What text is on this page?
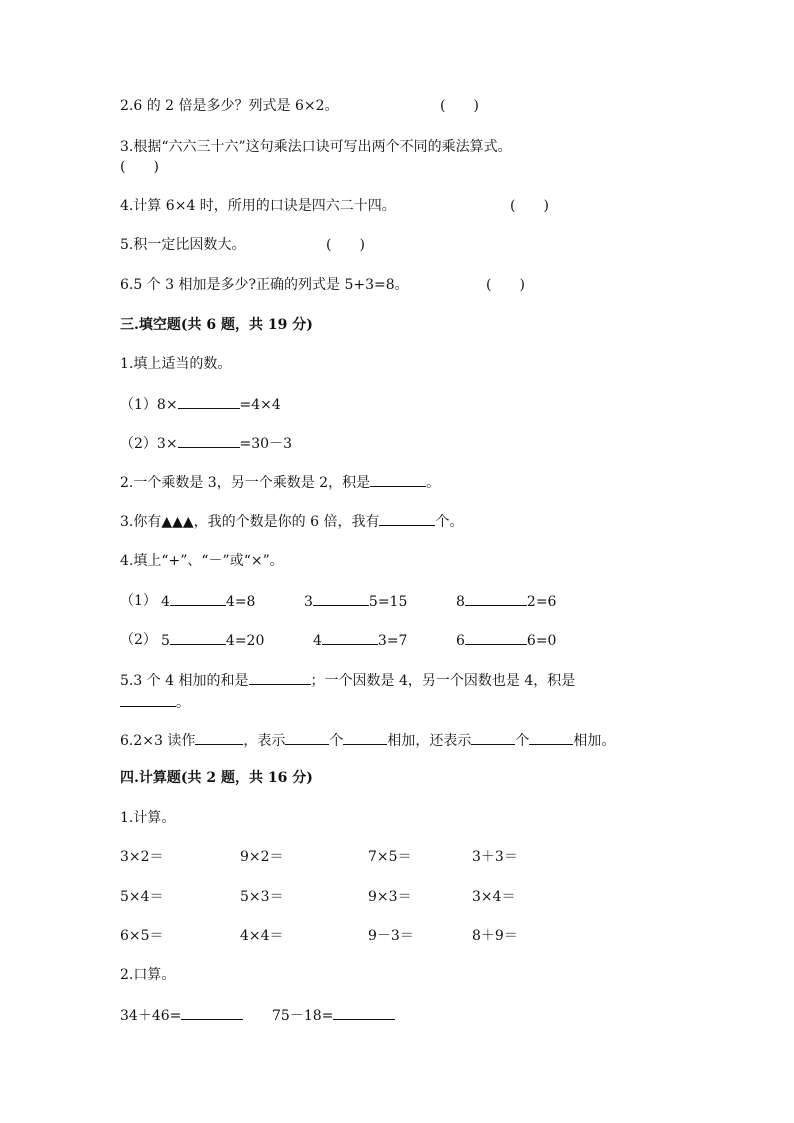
2.6 的 2 倍是多少？列式是 6×2。	(　　)
3.根据“六六三十六”这句乘法口诀可写出两个不同的乘法算式。
(　　)
4.计算 6×4 时，所用的口诀是四六二十四。	(　　)
5.积一定比因数大。	(　　)
6.5 个 3 相加是多少?正确的列式是 5+3=8。	(　　)
三.填空题(共 6 题，共 19 分)
1.填上适当的数。
（1）8×	=4×4
（2）3×	=30－3
2.一个乘数是 3，另一个乘数是 2，积是	。
3.你有▲▲▲，我的个数是你的 6 倍，我有	个。
4.填上“+”、“－”或“×”。
（1） 4	4=8	3	5=15	8	2=6
（2） 5	4=20	4	3=7	6	6=0
5.3 个 4 相加的和是	；一个因数是 4，另一个因数也是 4，积是
。
6.2×3 读作	，表示	个	相加，还表示	个	相加。
四.计算题(共 2 题，共 16 分)
1.计算。
3×2＝	9×2＝	7×5＝	3＋3＝
5×4＝	5×3＝	9×3＝	3×4＝
6×5＝	4×4＝	9－3＝	8＋9＝
2.口算。
34＋46=	75－18=
